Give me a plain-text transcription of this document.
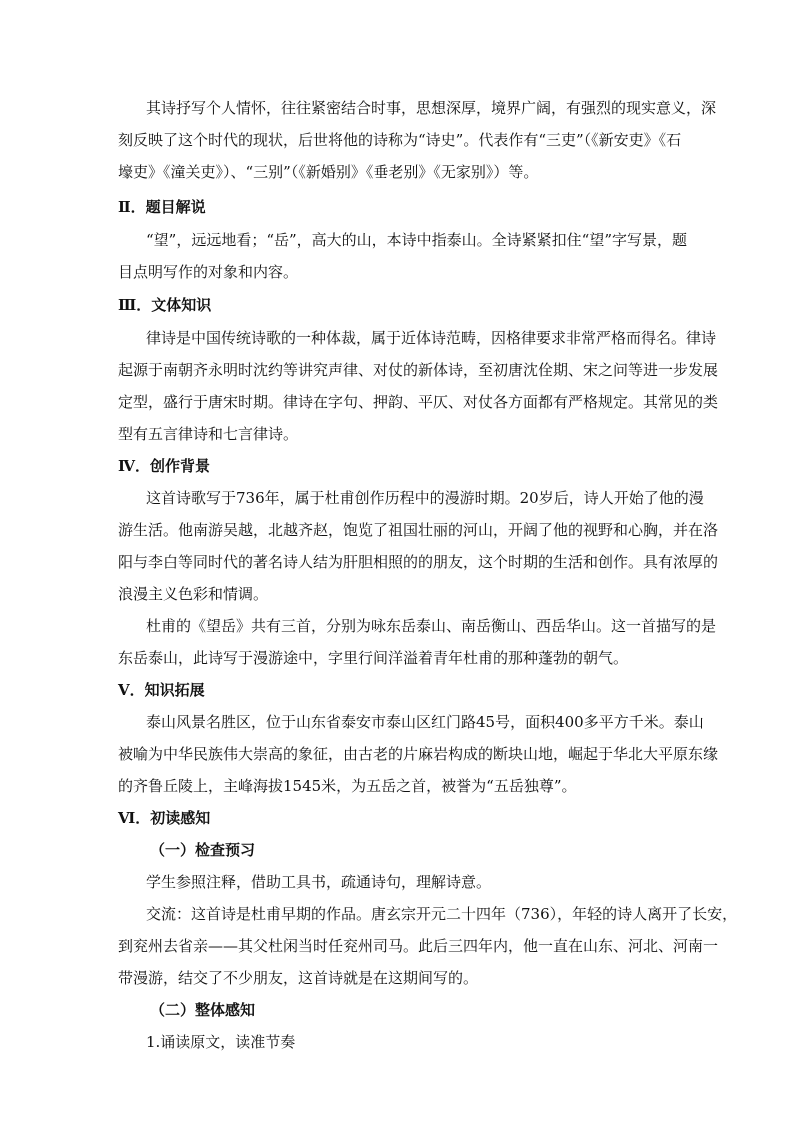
其诗抒写个人情怀，往往紧密结合时事，思想深厚，境界广阔，有强烈的现实意义，深
刻反映了这个时代的现状，后世将他的诗称为“诗史”。代表作有“三吏”（《新安吏》《石
壕吏》《潼关吏》）、“三别”（《新婚别》《垂老别》《无家别》）等。
Ⅱ．题目解说
“望”，远远地看；“岳”，高大的山，本诗中指泰山。全诗紧紧扣住“望”字写景，题
目点明写作的对象和内容。
Ⅲ．文体知识
律诗是中国传统诗歌的一种体裁，属于近体诗范畴，因格律要求非常严格而得名。律诗
起源于南朝齐永明时沈约等讲究声律、对仗的新体诗，至初唐沈佺期、宋之问等进一步发展
定型，盛行于唐宋时期。律诗在字句、押韵、平仄、对仗各方面都有严格规定。其常见的类
型有五言律诗和七言律诗。
Ⅳ．创作背景
这首诗歌写于736年，属于杜甫创作历程中的漫游时期。20岁后，诗人开始了他的漫
游生活。他南游吴越，北越齐赵，饱览了祖国壮丽的河山，开阔了他的视野和心胸，并在洛
阳与李白等同时代的著名诗人结为肝胆相照的的朋友，这个时期的生活和创作。具有浓厚的
浪漫主义色彩和情调。
杜甫的《望岳》共有三首，分别为咏东岳泰山、南岳衡山、西岳华山。这一首描写的是
东岳泰山，此诗写于漫游途中，字里行间洋溢着青年杜甫的那种蓬勃的朝气。
Ⅴ．知识拓展
泰山风景名胜区，位于山东省泰安市泰山区红门路45号，面积400多平方千米。泰山
被喻为中华民族伟大崇高的象征，由古老的片麻岩构成的断块山地，崛起于华北大平原东缘
的齐鲁丘陵上，主峰海拔1545米，为五岳之首，被誉为“五岳独尊”。
Ⅵ．初读感知
（一）检查预习
学生参照注释，借助工具书，疏通诗句，理解诗意。
交流：这首诗是杜甫早期的作品。唐玄宗开元二十四年（736），年轻的诗人离开了长安，
到兖州去省亲——其父杜闲当时任兖州司马。此后三四年内，他一直在山东、河北、河南一
带漫游，结交了不少朋友，这首诗就是在这期间写的。
（二）整体感知
1.诵读原文，读准节奏
